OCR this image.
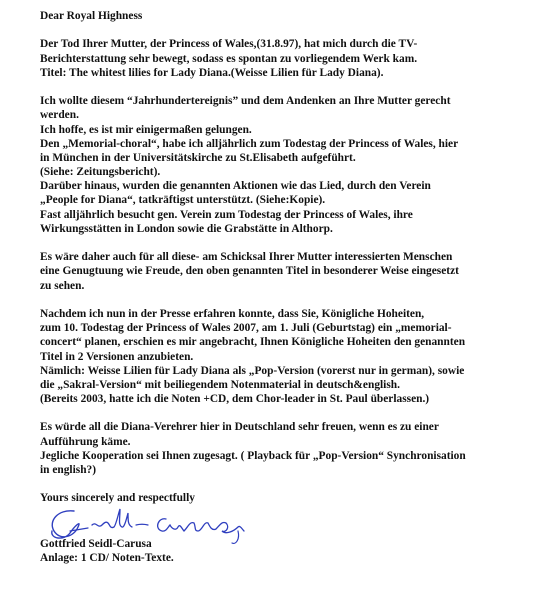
Dear Royal Highness
Der Tod Ihrer Mutter, der Princess of Wales,(31.8.97), hat mich durch die TV-
Berichterstattung sehr bewegt, sodass es spontan zu vorliegendem Werk kam.
Titel: The whitest lilies for Lady Diana.(Weisse Lilien für Lady Diana).
Ich wollte diesem “Jahrhundertereignis” und dem Andenken an Ihre Mutter gerecht
werden.
Ich hoffe, es ist mir einigermaßen gelungen.
Den „Memorial-choral“, habe ich alljährlich zum Todestag der Princess of Wales, hier
in München in der Universitätskirche zu St.Elisabeth aufgeführt.
(Siehe: Zeitungsbericht).
Darüber hinaus, wurden die genannten Aktionen wie das Lied, durch den Verein
„People for Diana“, tatkräftigst unterstützt. (Siehe:Kopie).
Fast alljährlich besucht gen. Verein zum Todestag der Princess of Wales, ihre
Wirkungsstätten in London sowie die Grabstätte in Althorp.
Es wäre daher auch für all diese- am Schicksal Ihrer Mutter interessierten Menschen
eine Genugtuung wie Freude, den oben genannten Titel in besonderer Weise eingesetzt
zu sehen.
Nachdem ich nun in der Presse erfahren konnte, dass Sie, Königliche Hoheiten,
zum 10. Todestag der Princess of Wales 2007, am 1. Juli (Geburtstag) ein „memorial-
concert“ planen, erschien es mir angebracht, Ihnen Königliche Hoheiten den genannten
Titel in 2 Versionen anzubieten.
Nämlich: Weisse Lilien für Lady Diana als „Pop-Version (vorerst nur in german), sowie
die „Sakral-Version“ mit beiliegendem Notenmaterial in deutsch&english.
(Bereits 2003, hatte ich die Noten +CD, dem Chor-leader in St. Paul überlassen.)
Es würde all die Diana-Verehrer hier in Deutschland sehr freuen, wenn es zu einer
Aufführung käme.
Jegliche Kooperation sei Ihnen zugesagt. ( Playback für „Pop-Version“ Synchronisation
in english?)
Yours sincerely and respectfully
Gottfried Seidl-Carusa
Anlage: 1 CD/ Noten-Texte.
